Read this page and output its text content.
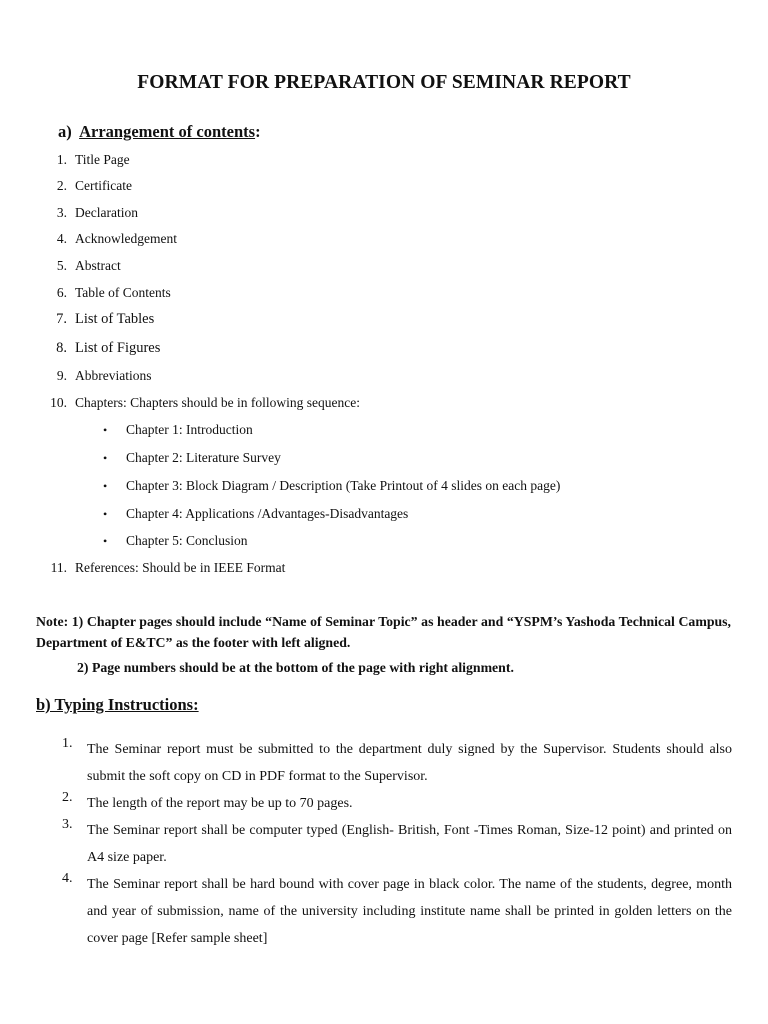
FORMAT FOR PREPARATION OF SEMINAR REPORT
a) Arrangement of contents:
1. Title Page
2. Certificate
3. Declaration
4. Acknowledgement
5. Abstract
6. Table of Contents
7. List of Tables
8. List of Figures
9. Abbreviations
10. Chapters: Chapters should be in following sequence:
• Chapter 1: Introduction
• Chapter 2: Literature Survey
• Chapter 3: Block Diagram / Description (Take Printout of 4 slides on each page)
• Chapter 4: Applications /Advantages-Disadvantages
• Chapter 5: Conclusion
11. References: Should be in IEEE Format
Note: 1) Chapter pages should include “Name of Seminar Topic” as header and “YSPM’s Yashoda Technical Campus, Department of E&TC” as the footer with left aligned.
2) Page numbers should be at the bottom of the page with right alignment.
b) Typing Instructions:
1. The Seminar report must be submitted to the department duly signed by the Supervisor. Students should also submit the soft copy on CD in PDF format to the Supervisor.
2. The length of the report may be up to 70 pages.
3. The Seminar report shall be computer typed (English- British, Font -Times Roman, Size-12 point) and printed on A4 size paper.
4. The Seminar report shall be hard bound with cover page in black color. The name of the students, degree, month and year of submission, name of the university including institute name shall be printed in golden letters on the cover page [Refer sample sheet]
